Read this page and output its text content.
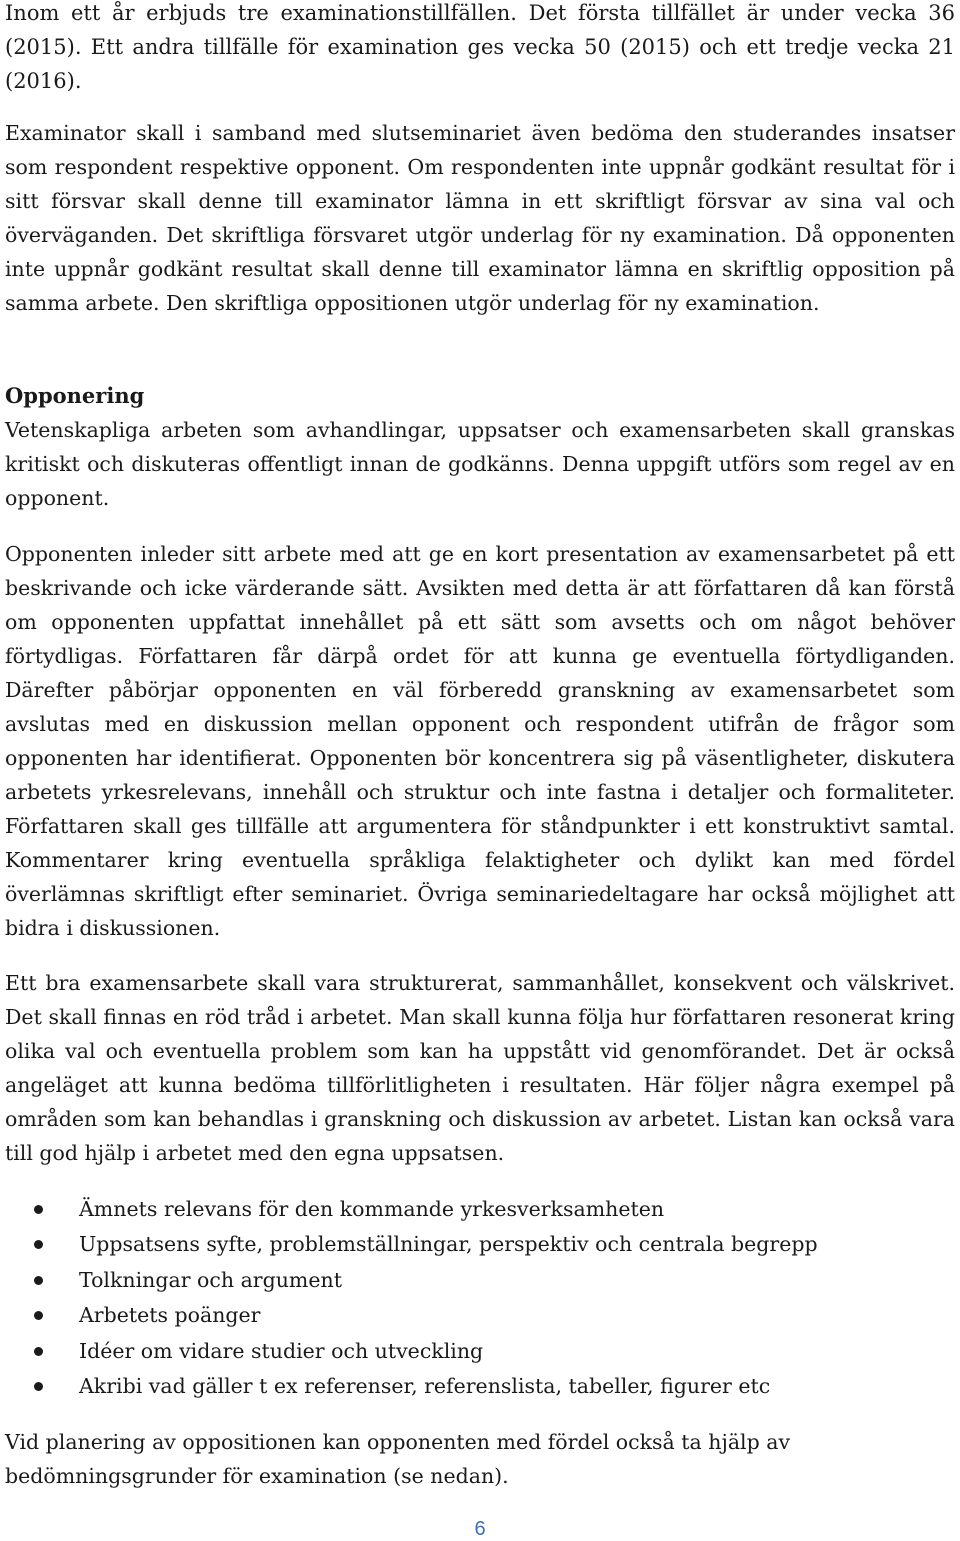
Inom ett år erbjuds tre examinationstillfällen. Det första tillfället är under vecka 36 (2015). Ett andra tillfälle för examination ges vecka 50 (2015) och ett tredje vecka 21 (2016).

Examinator skall i samband med slutseminariet även bedöma den studerandes insatser som respondent respektive opponent. Om respondenten inte uppnår godkänt resultat för i sitt försvar skall denne till examinator lämna in ett skriftligt försvar av sina val och överväganden. Det skriftliga försvaret utgör underlag för ny examination. Då opponenten inte uppnår godkänt resultat skall denne till examinator lämna en skriftlig opposition på samma arbete. Den skriftliga oppositionen utgör underlag för ny examination.

Opponering

Vetenskapliga arbeten som avhandlingar, uppsatser och examensarbeten skall granskas kritiskt och diskuteras offentligt innan de godkänns. Denna uppgift utförs som regel av en opponent.

Opponenten inleder sitt arbete med att ge en kort presentation av examensarbetet på ett beskrivande och icke värderande sätt. Avsikten med detta är att författaren då kan förstå om opponenten uppfattat innehållet på ett sätt som avsetts och om något behöver förtydligas. Författaren får därpå ordet för att kunna ge eventuella förtydliganden. Därefter påbörjar opponenten en väl förberedd granskning av examensarbetet som avslutas med en diskussion mellan opponent och respondent utifrån de frågor som opponenten har identifierat. Opponenten bör koncentrera sig på väsentligheter, diskutera arbetets yrkesrelevans, innehåll och struktur och inte fastna i detaljer och formaliteter. Författaren skall ges tillfälle att argumentera för ståndpunkter i ett konstruktivt samtal. Kommentarer kring eventuella språkliga felaktigheter och dylikt kan med fördel överlämnas skriftligt efter seminariet. Övriga seminariedeltagare har också möjlighet att bidra i diskussionen.

Ett bra examensarbete skall vara strukturerat, sammanhållet, konsekvent och välskrivet. Det skall finnas en röd tråd i arbetet. Man skall kunna följa hur författaren resonerat kring olika val och eventuella problem som kan ha uppstått vid genomförandet. Det är också angeläget att kunna bedöma tillförlitligheten i resultaten. Här följer några exempel på områden som kan behandlas i granskning och diskussion av arbetet. Listan kan också vara till god hjälp i arbetet med den egna uppsatsen.

Ämnets relevans för den kommande yrkesverksamheten
Uppsatsens syfte, problemställningar, perspektiv och centrala begrepp
Tolkningar och argument
Arbetets poänger
Idéer om vidare studier och utveckling
Akribi vad gäller t ex referenser, referenslista, tabeller, figurer etc

Vid planering av oppositionen kan opponenten med fördel också ta hjälp av bedömningsgrunder för examination (se nedan).

6
